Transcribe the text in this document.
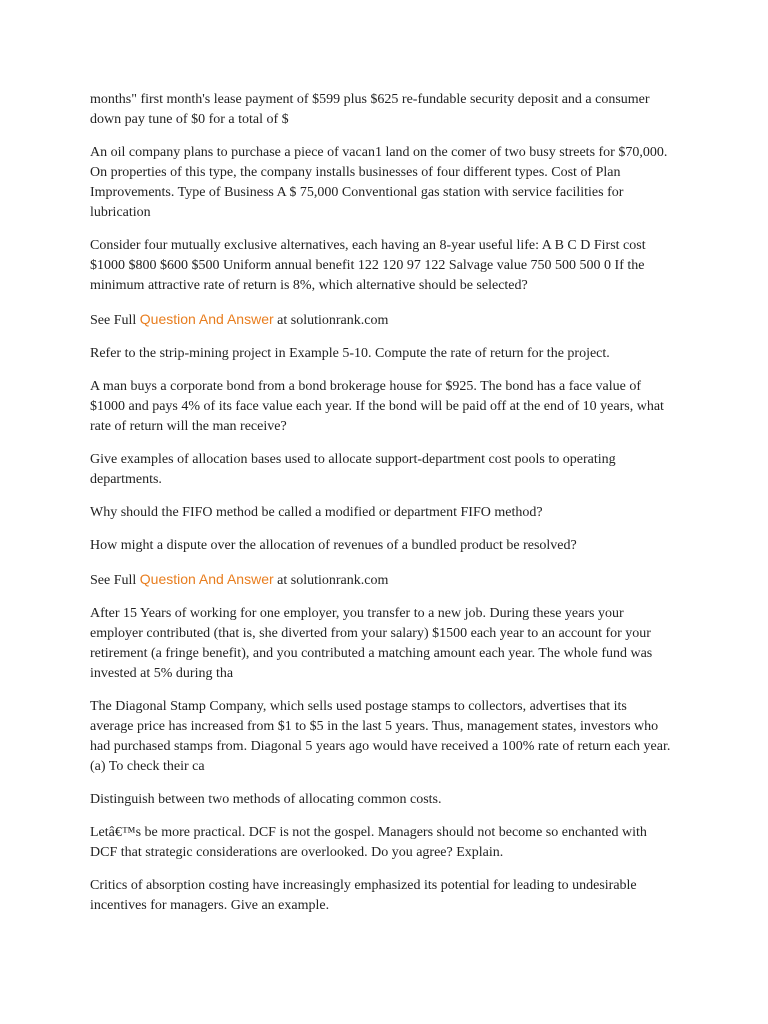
months" first month's lease payment of $599 plus $625 re-fundable security deposit and a consumer down pay tune of $0 for a total of $

An oil company plans to purchase a piece of vacan1 land on the comer of two busy streets for $70,000. On properties of this type, the company installs businesses of four different types. Cost of Plan Improvements. Type of Business A $ 75,000 Conventional gas station with service facilities for lubrication

Consider four mutually exclusive alternatives, each having an 8-year useful life: A B C D First cost $1000 $800 $600 $500 Uniform annual benefit 122 120 97 122 Salvage value 750 500 500 0 If the minimum attractive rate of return is 8%, which alternative should be selected?

See Full Question And Answer at solutionrank.com

Refer to the strip-mining project in Example 5-10. Compute the rate of return for the project.

A man buys a corporate bond from a bond brokerage house for $925. The bond has a face value of $1000 and pays 4% of its face value each year. If the bond will be paid off at the end of 10 years, what rate of return will the man receive?

Give examples of allocation bases used to allocate support-department cost pools to operating departments.

Why should the FIFO method be called a modified or department FIFO method?

How might a dispute over the allocation of revenues of a bundled product be resolved?

See Full Question And Answer at solutionrank.com

After 15 Years of working for one employer, you transfer to a new job. During these years your employer contributed (that is, she diverted from your salary) $1500 each year to an account for your retirement (a fringe benefit), and you contributed a matching amount each year. The whole fund was invested at 5% during tha

The Diagonal Stamp Company, which sells used postage stamps to collectors, advertises that its average price has increased from $1 to $5 in the last 5 years. Thus, management states, investors who had purchased stamps from. Diagonal 5 years ago would have received a 100% rate of return each year. (a) To check their ca

Distinguish between two methods of allocating common costs.

Letâ€™s be more practical. DCF is not the gospel. Managers should not become so enchanted with DCF that strategic considerations are overlooked. Do you agree? Explain.

Critics of absorption costing have increasingly emphasized its potential for leading to undesirable incentives for managers. Give an example.
